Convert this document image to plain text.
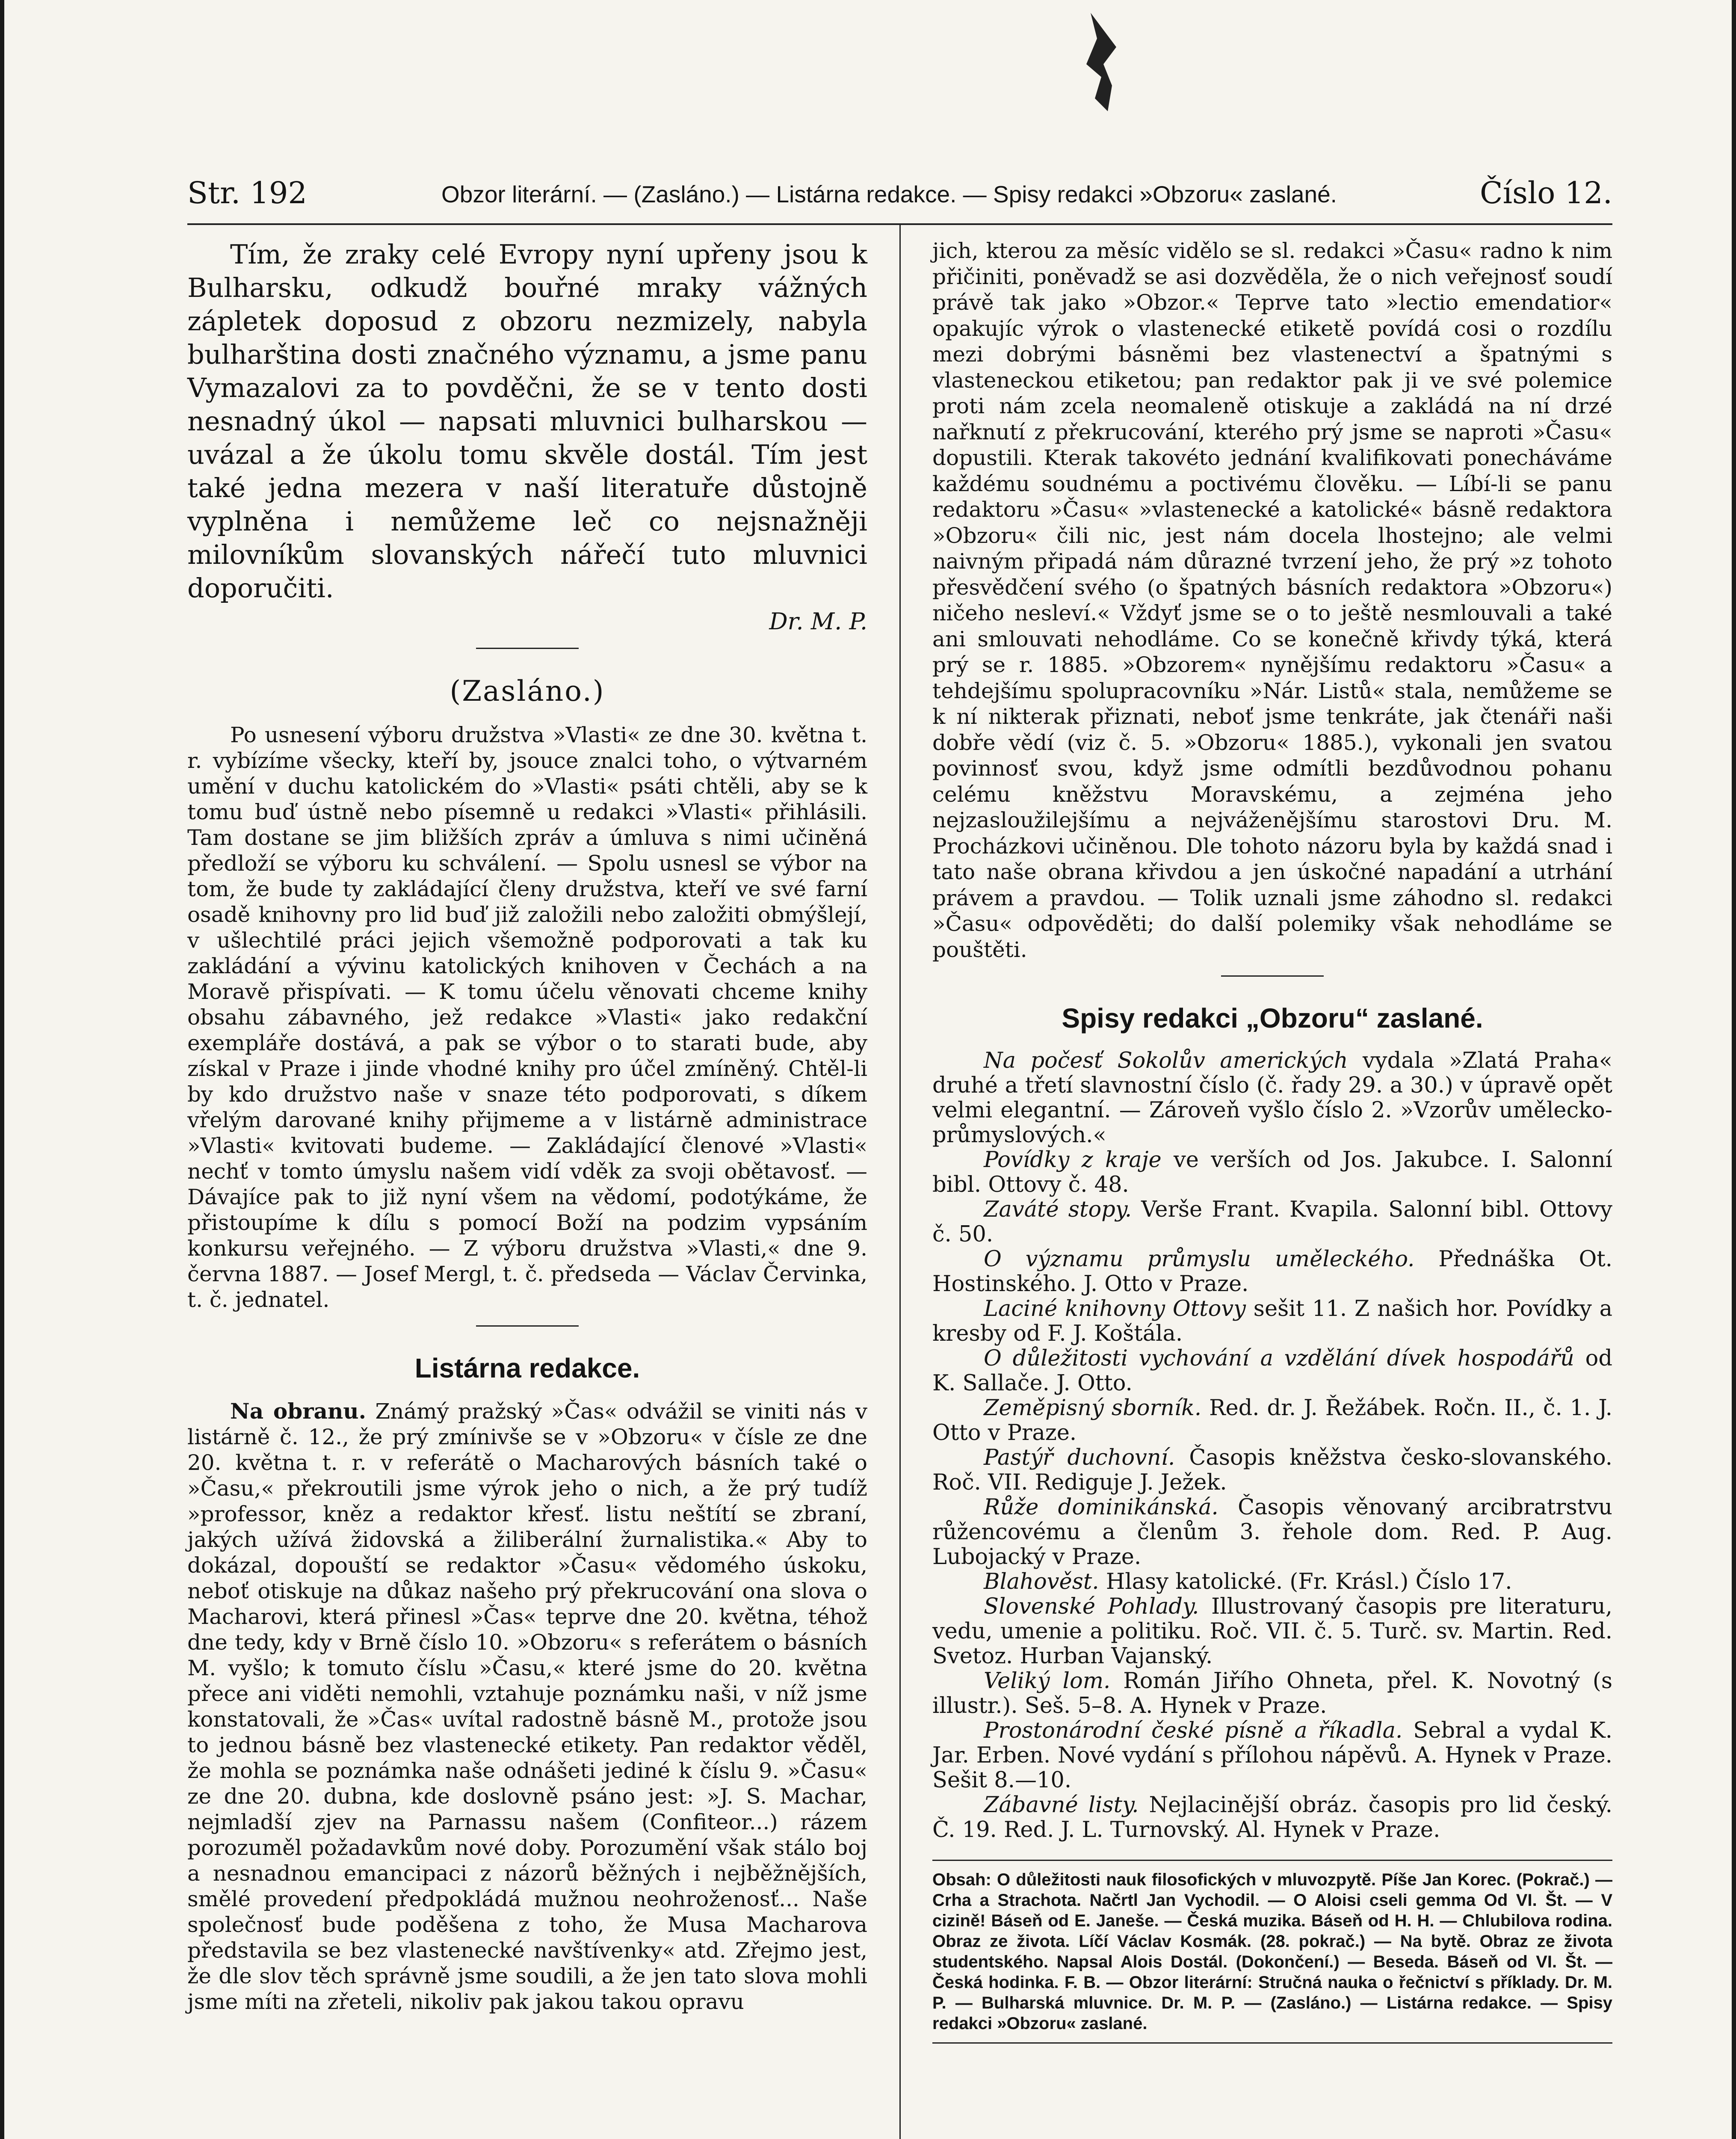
Str. 192	Obzor literární. — (Zasláno.) — Listárna redakce. — Spisy redakci »Obzoru« zaslané.	Číslo 12.

Tím, že zraky celé Evropy nyní upřeny jsou k Bulharsku, odkudž bouřné mraky vážných zápletek doposud z obzoru nezmizely, nabyla bulharština dosti značného významu, a jsme panu Vymazalovi za to povděčni, že se v tento dosti nesnadný úkol — napsati mluvnici bulharskou — uvázal a že úkolu tomu skvěle dostál. Tím jest také jedna mezera v naší literatuře důstojně vyplněna i nemůžeme leč co nejsnažněji milovníkům slovanských nářečí tuto mluvnici doporučiti.

Dr. M. P.

(Zasláno.)

Po usnesení výboru družstva »Vlasti« ze dne 30. května t. r. vybízíme všecky, kteří by, jsouce znalci toho, o výtvarném umění v duchu katolickém do »Vlasti« psáti chtěli, aby se k tomu buď ústně nebo písemně u redakci »Vlasti« přihlásili. Tam dostane se jim bližších zpráv a úmluva s nimi učiněná předloží se výboru ku schválení. — Spolu usnesl se výbor na tom, že bude ty zakládající členy družstva, kteří ve své farní osadě knihovny pro lid buď již založili nebo založiti obmýšlejí, v ušlechtilé práci jejich všemožně podporovati a tak ku zakládání a vývinu katolických knihoven v Čechách a na Moravě přispívati. — K tomu účelu věnovati chceme knihy obsahu zábavného, jež redakce »Vlasti« jako redakční exempláře dostává, a pak se výbor o to starati bude, aby získal v Praze i jinde vhodné knihy pro účel zmíněný. Chtěl-li by kdo družstvo naše v snaze této podporovati, s díkem vřelým darované knihy přijmeme a v listárně administrace »Vlasti« kvitovati budeme. — Zakládající členové »Vlasti« nechť v tomto úmyslu našem vidí vděk za svoji obětavosť. — Dávajíce pak to již nyní všem na vědomí, podotýkáme, že přistoupíme k dílu s pomocí Boží na podzim vypsáním konkursu veřejného. — Z výboru družstva »Vlasti,« dne 9. června 1887. — Josef Mergl, t. č. předseda — Václav Červinka, t. č. jednatel.

Listárna redakce.

Na obranu. Známý pražský »Čas« odvážil se viniti nás v listárně č. 12., že prý zmínivše se v »Obzoru« v čísle ze dne 20. května t. r. v referátě o Macharových básních také o »Času,« překroutili jsme výrok jeho o nich, a že prý tudíž »professor, kněz a redaktor křesť. listu neštítí se zbraní, jakých užívá židovská a žiliberální žurnalistika.« Aby to dokázal, dopouští se redaktor »Času« vědomého úskoku, neboť otiskuje na důkaz našeho prý překrucování ona slova o Macharovi, která přinesl »Čas« teprve dne 20. května, téhož dne tedy, kdy v Brně číslo 10. »Obzoru« s referátem o básních M. vyšlo; k tomuto číslu »Času,« které jsme do 20. května přece ani viděti nemohli, vztahuje poznámku naši, v níž jsme konstatovali, že »Čas« uvítal radostně básně M., protože jsou to jednou básně bez vlastenecké etikety. Pan redaktor věděl, že mohla se poznámka naše odnášeti jediné k číslu 9. »Času« ze dne 20. dubna, kde doslovně psáno jest: »J. S. Machar, nejmladší zjev na Parnassu našem (Confiteor...) rázem porozuměl požadavkům nové doby. Porozumění však stálo boj a nesnadnou emancipaci z názorů běžných i nejběžnějších, smělé provedení předpokládá mužnou neohroženosť... Naše společnosť bude poděšena z toho, že Musa Macharova představila se bez vlastenecké navštívenky« atd. Zřejmo jest, že dle slov těch správně jsme soudili, a že jen tato slova mohli jsme míti na zřeteli, nikoliv pak jakou takou opravu

jich, kterou za měsíc vidělo se sl. redakci »Času« radno k nim přičiniti, poněvadž se asi dozvěděla, že o nich veřejnosť soudí právě tak jako »Obzor.« Teprve tato »lectio emendatior« opakujíc výrok o vlastenecké etiketě povídá cosi o rozdílu mezi dobrými básněmi bez vlastenectví a špatnými s vlasteneckou etiketou; pan redaktor pak ji ve své polemice proti nám zcela neomaleně otiskuje a zakládá na ní drzé nařknutí z překrucování, kterého prý jsme se naproti »Času« dopustili. Kterak takovéto jednání kvalifikovati ponecháváme každému soudnému a poctivému člověku. — Líbí-li se panu redaktoru »Času« »vlastenecké a katolické« básně redaktora »Obzoru« čili nic, jest nám docela lhostejno; ale velmi naivným připadá nám důrazné tvrzení jeho, že prý »z tohoto přesvědčení svého (o špatných básních redaktora »Obzoru«) ničeho nesleví.« Vždyť jsme se o to ještě nesmlouvali a také ani smlouvati nehodláme. Co se konečně křivdy týká, která prý se r. 1885. »Obzorem« nynějšímu redaktoru »Času« a tehdejšímu spolupracovníku »Nár. Listů« stala, nemůžeme se k ní nikterak přiznati, neboť jsme tenkráte, jak čtenáři naši dobře vědí (viz č. 5. »Obzoru« 1885.), vykonali jen svatou povinnosť svou, když jsme odmítli bezdůvodnou pohanu celému kněžstvu Moravskému, a zejména jeho nejzasloužilejšímu a nejváženějšímu starostovi Dru. M. Procházkovi učiněnou. Dle tohoto názoru byla by každá snad i tato naše obrana křivdou a jen úskočné napadání a utrhání právem a pravdou. — Tolik uznali jsme záhodno sl. redakci »Času« odpověděti; do další polemiky však nehodláme se pouštěti.

Spisy redakci „Obzoru“ zaslané.

Na počesť Sokolův amerických vydala »Zlatá Praha« druhé a třetí slavnostní číslo (č. řady 29. a 30.) v úpravě opět velmi elegantní. — Zároveň vyšlo číslo 2. »Vzorův umělecko-průmyslových.«

Povídky z kraje ve verších od Jos. Jakubce. I. Salonní bibl. Ottovy č. 48.

Zaváté stopy. Verše Frant. Kvapila. Salonní bibl. Ottovy č. 50.

O významu průmyslu uměleckého. Přednáška Ot. Hostinského. J. Otto v Praze.

Laciné knihovny Ottovy sešit 11. Z našich hor. Povídky a kresby od F. J. Koštála.

O důležitosti vychování a vzdělání dívek hospodářů od K. Sallače. J. Otto.

Zeměpisný sborník. Red. dr. J. Řežábek. Ročn. II., č. 1. J. Otto v Praze.

Pastýř duchovní. Časopis kněžstva česko-slovanského. Roč. VII. Rediguje J. Ježek.

Růže dominikánská. Časopis věnovaný arcibratrstvu růžencovému a členům 3. řehole dom. Red. P. Aug. Lubojacký v Praze.

Blahověst. Hlasy katolické. (Fr. Krásl.) Číslo 17.

Slovenské Pohlady. Illustrovaný časopis pre literaturu, vedu, umenie a politiku. Roč. VII. č. 5. Turč. sv. Martin. Red. Svetoz. Hurban Vajanský.

Veliký lom. Román Jiřího Ohneta, přel. K. Novotný (s illustr.). Seš. 5–8. A. Hynek v Praze.

Prostonárodní české písně a říkadla. Sebral a vydal K. Jar. Erben. Nové vydání s přílohou nápěvů. A. Hynek v Praze. Sešit 8.—10.

Zábavné listy. Nejlacinější obráz. časopis pro lid český. Č. 19. Red. J. L. Turnovský. Al. Hynek v Praze.

Obsah: O důležitosti nauk filosofických v mluvozpytě. Píše Jan Korec. (Pokrač.) — Crha a Strachota. Načrtl Jan Vychodil. — O Aloisi cseli gemma Od VI. Št. — V cizině! Báseň od E. Janeše. — Česká muzika. Báseň od H. H. — Chlubilova rodina. Obraz ze života. Líčí Václav Kosmák. (28. pokrač.) — Na bytě. Obraz ze života studentského. Napsal Alois Dostál. (Dokončení.) — Beseda. Báseň od VI. Št. — Česká hodinka. F. B. — Obzor literární: Stručná nauka o řečnictví s příklady. Dr. M. P. — Bulharská mluvnice. Dr. M. P. — (Zasláno.) — Listárna redakce. — Spisy redakci »Obzoru« zaslané.
